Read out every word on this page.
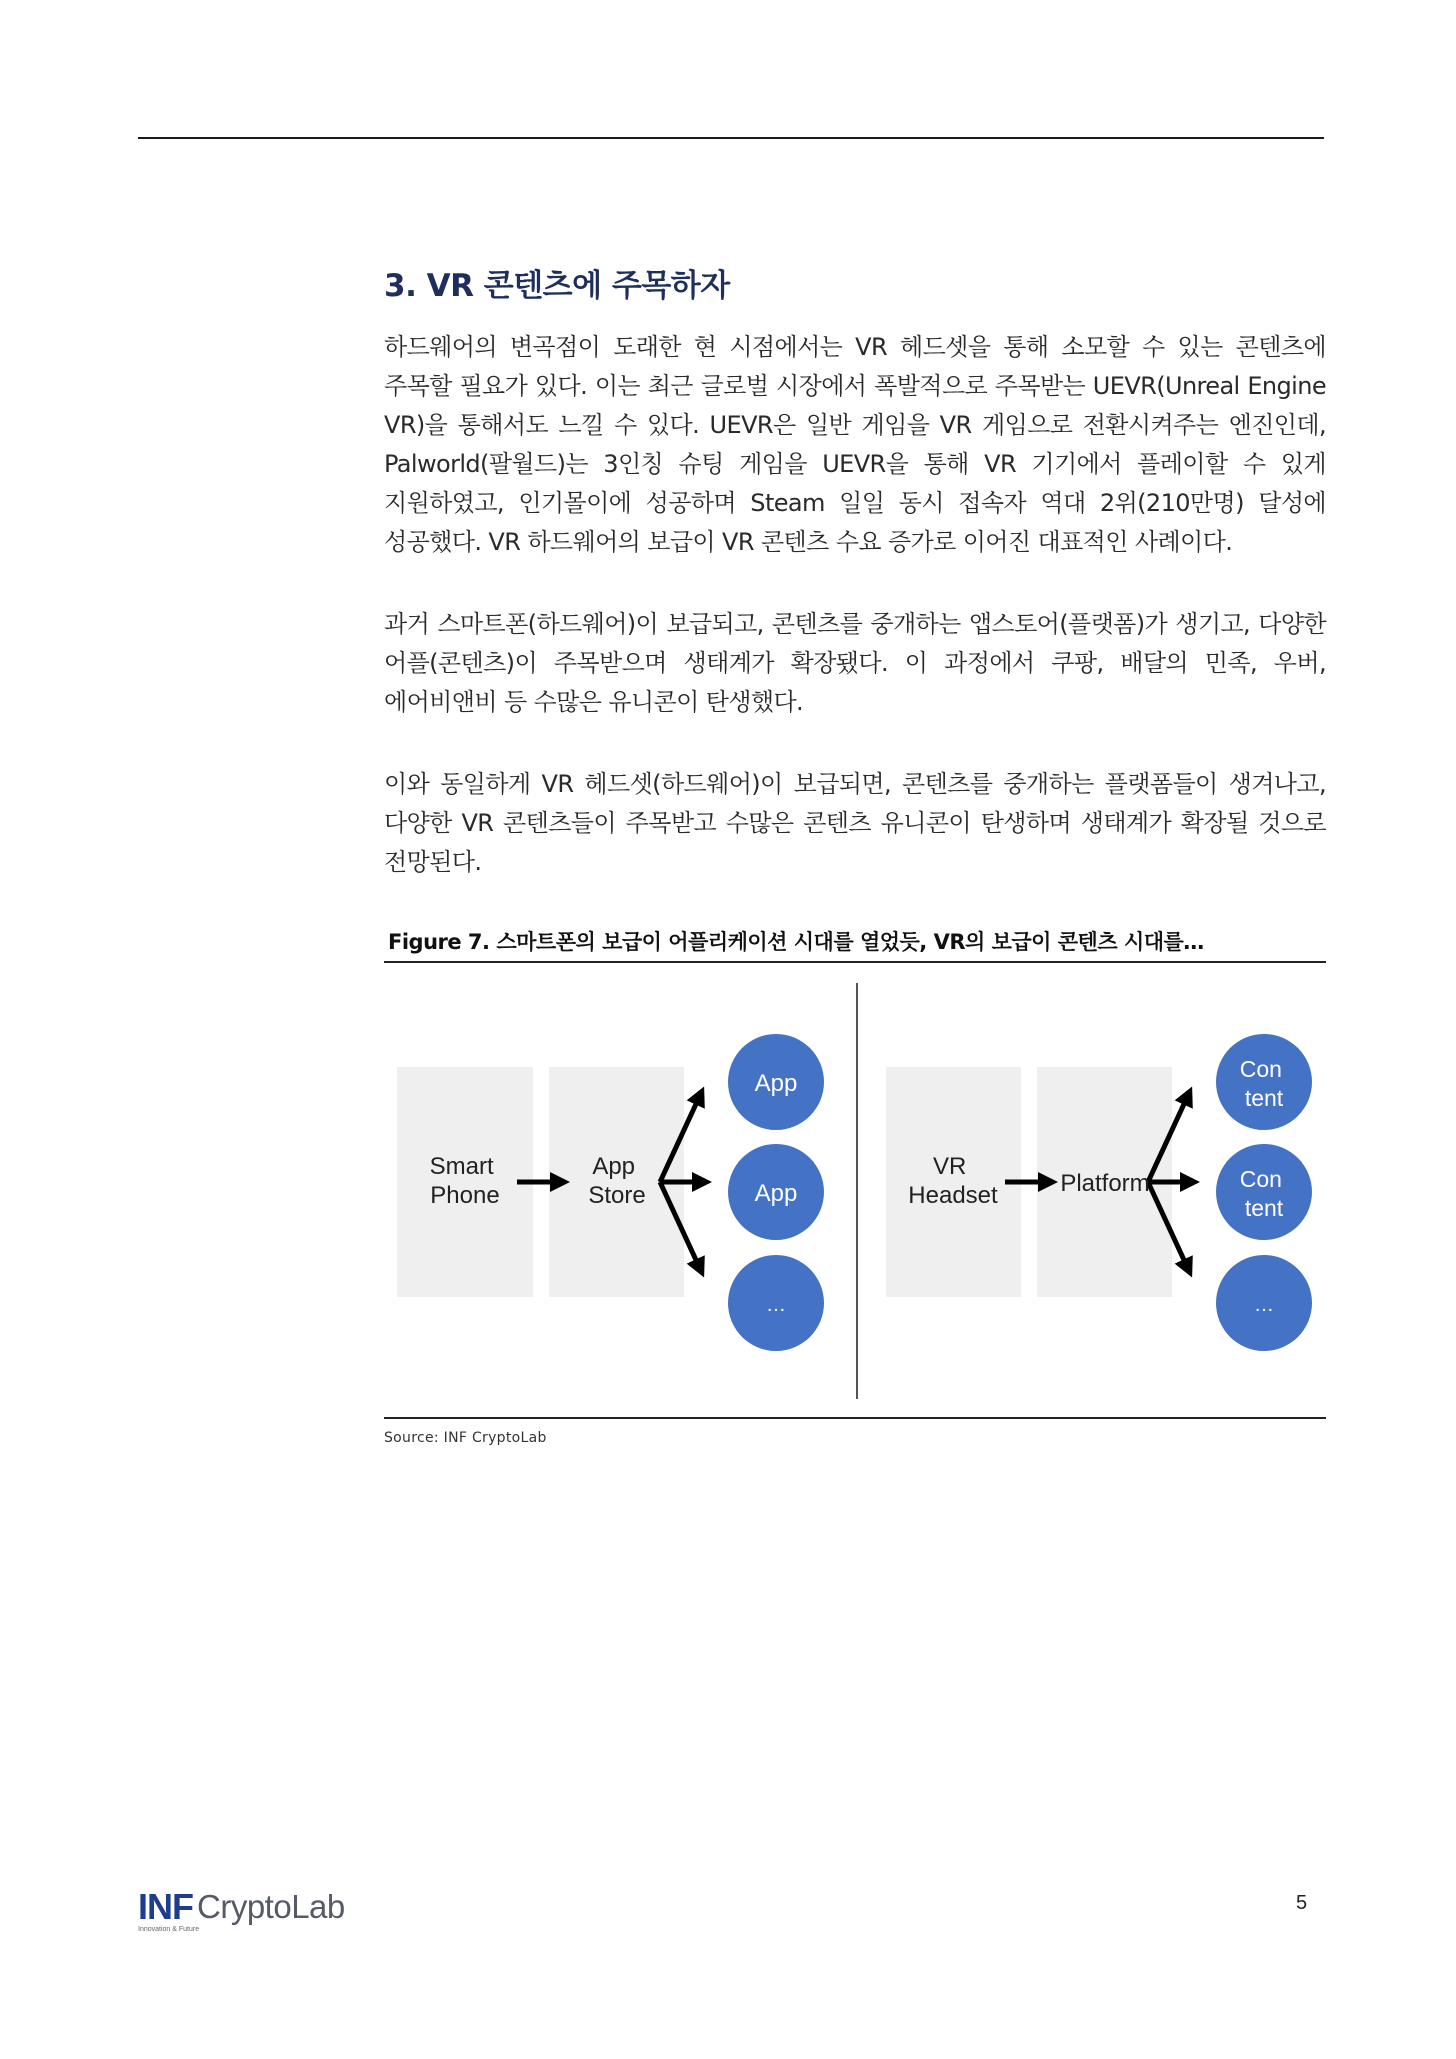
3. VR 콘텐츠에 주목하자

하드웨어의 변곡점이 도래한 현 시점에서는 VR 헤드셋을 통해 소모할 수 있는 콘텐츠에 주목할 필요가 있다. 이는 최근 글로벌 시장에서 폭발적으로 주목받는 UEVR(Unreal Engine VR)을 통해서도 느낄 수 있다. UEVR은 일반 게임을 VR 게임으로 전환시켜주는 엔진인데, Palworld(팔월드)는 3인칭 슈팅 게임을 UEVR을 통해 VR 기기에서 플레이할 수 있게 지원하였고, 인기몰이에 성공하며 Steam 일일 동시 접속자 역대 2위(210만명) 달성에 성공했다. VR 하드웨어의 보급이 VR 콘텐츠 수요 증가로 이어진 대표적인 사례이다.

과거 스마트폰(하드웨어)이 보급되고, 콘텐츠를 중개하는 앱스토어(플랫폼)가 생기고, 다양한 어플(콘텐츠)이 주목받으며 생태계가 확장됐다. 이 과정에서 쿠팡, 배달의 민족, 우버, 에어비앤비 등 수많은 유니콘이 탄생했다.

이와 동일하게 VR 헤드셋(하드웨어)이 보급되면, 콘텐츠를 중개하는 플랫폼들이 생겨나고, 다양한 VR 콘텐츠들이 주목받고 수많은 콘텐츠 유니콘이 탄생하며 생태계가 확장될 것으로 전망된다.

Figure 7. 스마트폰의 보급이 어플리케이션 시대를 열었듯, VR의 보급이 콘텐츠 시대를…
Smart Phone
App Store
App
App
…
VR Headset	Platform
Con tent
Con tent
…
Source: INF CryptoLab
INF CryptoLab
Innovation & Future
5
